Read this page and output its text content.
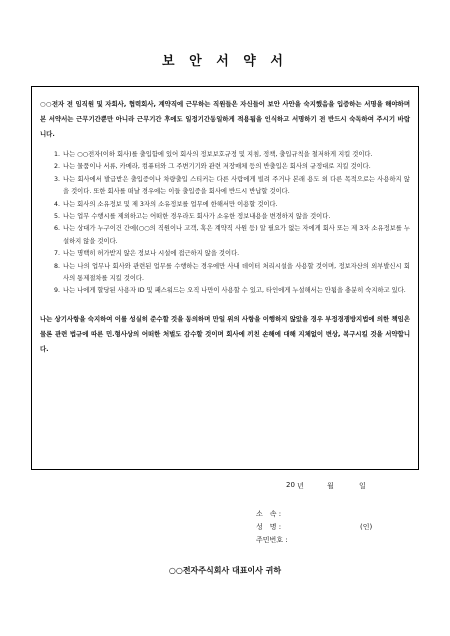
보 안 서 약 서

○○전자 전 임직원 및 자회사, 협력회사, 계약직에 근무하는 직원들은 자신들이 보안 사안을 숙지했음을 입증하는 서명을 해야하며 본 서약서는 근무기간뿐만 아니라 근무기간 후에도 일정기간동일하게 적용됨을 인식하고 서명하기 전 반드시 숙독하여 주시기 바랍니다.

1. 나는 ○○전자(이하 회사)를 출입함에 있어 회사의 정보보호규정 및 지침, 정책, 출입규칙을 철저하게 지킬 것이다.
2. 나는 물품이나 서류, 카메라, 컴퓨터와 그 주변기기와 관련 저장매체 등의 반출입은 회사의 규정대로 지킬 것이다.
3. 나는 회사에서 발급받은 출입증이나 차량출입 스티커는 다른 사람에게 빌려 주거나 본래 용도 외 다른 목적으로는 사용하지 않을 것이다. 또한 회사를 떠날 경우에는 이들 출입증을 회사에 반드시 반납할 것이다.
4. 나는 회사의 소유정보 및 제 3자의 소유정보를 업무에 한해서만 이용할 것이다.
5. 나는 업무 수행시를 제외하고는 어떠한 경우라도 회사가 소유한 정보내용을 변경하지 않을 것이다.
6. 나는 상대가 누구이건 간에(○○의 직원이나 고객, 혹은 계약직 사원 등) 알 필요가 없는 자에게 회사 또는 제 3자 소유정보를 누설하지 않을 것이다.
7. 나는 명백히 허가받지 않은 정보나 시설에 접근하지 않을 것이다.
8. 나는 나의 업무나 회사와 관련된 업무를 수행하는 경우에만 사내 데이터 처리시설을 사용할 것이며, 정보자산의 외부발신시 회사의 통제절차를 지킬 것이다.
9. 나는 나에게 할당된 사용자 ID 및 패스워드는 오직 나만이 사용할 수 있고, 타인에게 누설해서는 안됨을 충분히 숙지하고 있다.

나는 상기사항을 숙지하여 이를 성실히 준수할 것을 동의하며 만일 위의 사항을 이행하지 않았을 경우 부정경쟁방지법에 의한 책임은 물론 관련 법규에 따른 민.형사상의 어떠한 처벌도 감수할 것이며 회사에 끼친 손해에 대해 지체없이 변상, 복구시킬 것을 서약합니다.

20 년	월	일
소　속 :
성　명 :	(인)
주민번호 :
○○전자주식회사 대표이사 귀하
